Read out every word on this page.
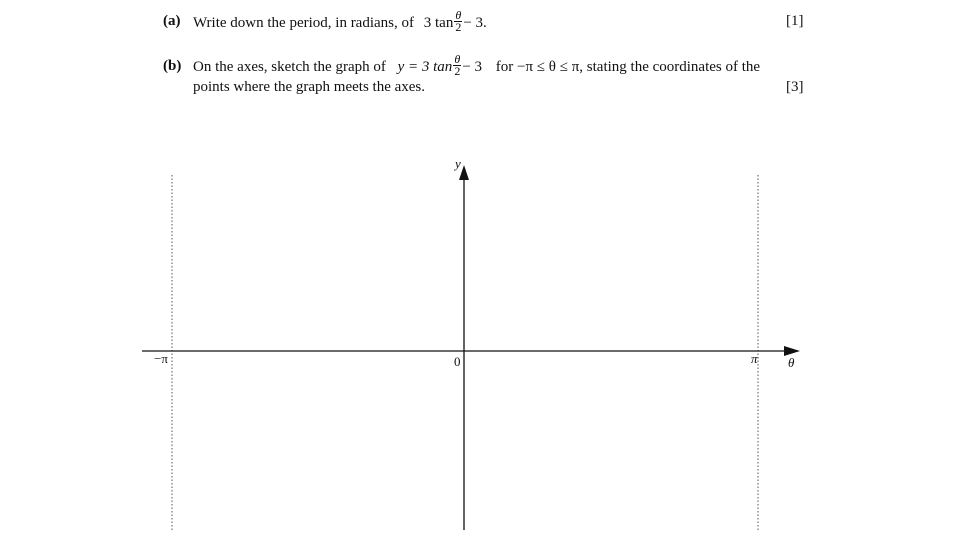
(a) Write down the period, in radians, of 3 $\tan \frac{\theta}{2} - 3$.	[1]
(b) On the axes, sketch the graph of y = 3 $\tan \frac{\theta}{2} - 3$ for −π ≤ θ ≤ π, stating the coordinates of the
points where the graph meets the axes.	[3]
y
θ
0
−π	π
